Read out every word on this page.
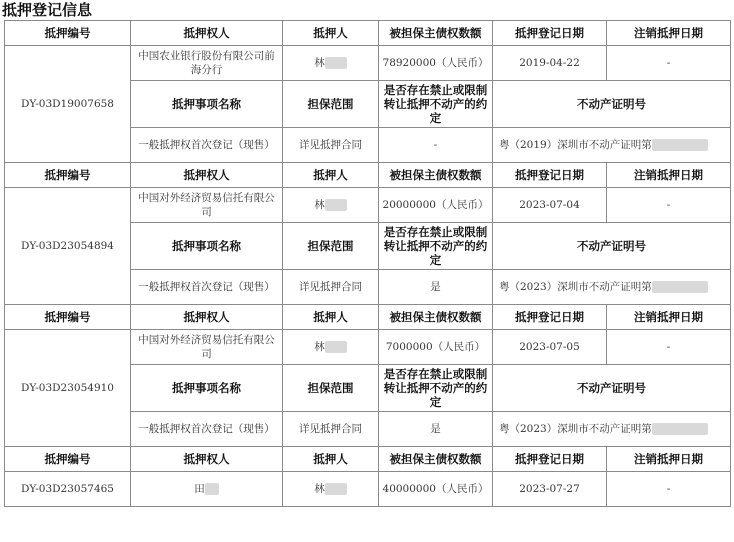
抵押登记信息
抵押编号	抵押权人	抵押人	被担保主债权数额	抵押登记日期	注销抵押日期
DY-03D19007658	中国农业银行股份有限公司前海分行	林	78920000（人民币）	2019-04-22	-
	抵押事项名称	担保范围	是否存在禁止或限制转让抵押不动产的约定	不动产证明号	
	一般抵押权首次登记（现售）	详见抵押合同	-	粤（2019）深圳市不动产证明第	
抵押编号	抵押权人	抵押人	被担保主债权数额	抵押登记日期	注销抵押日期
DY-03D23054894	中国对外经济贸易信托有限公司	林	20000000（人民币）	2023-07-04	-
	抵押事项名称	担保范围	是否存在禁止或限制转让抵押不动产的约定	不动产证明号	
	一般抵押权首次登记（现售）	详见抵押合同	是	粤（2023）深圳市不动产证明第	
抵押编号	抵押权人	抵押人	被担保主债权数额	抵押登记日期	注销抵押日期
DY-03D23054910	中国对外经济贸易信托有限公司	林	7000000（人民币）	2023-07-05	-
	抵押事项名称	担保范围	是否存在禁止或限制转让抵押不动产的约定	不动产证明号	
	一般抵押权首次登记（现售）	详见抵押合同	是	粤（2023）深圳市不动产证明第	
抵押编号	抵押权人	抵押人	被担保主债权数额	抵押登记日期	注销抵押日期
DY-03D23057465	田	林	40000000（人民币）	2023-07-27	-
